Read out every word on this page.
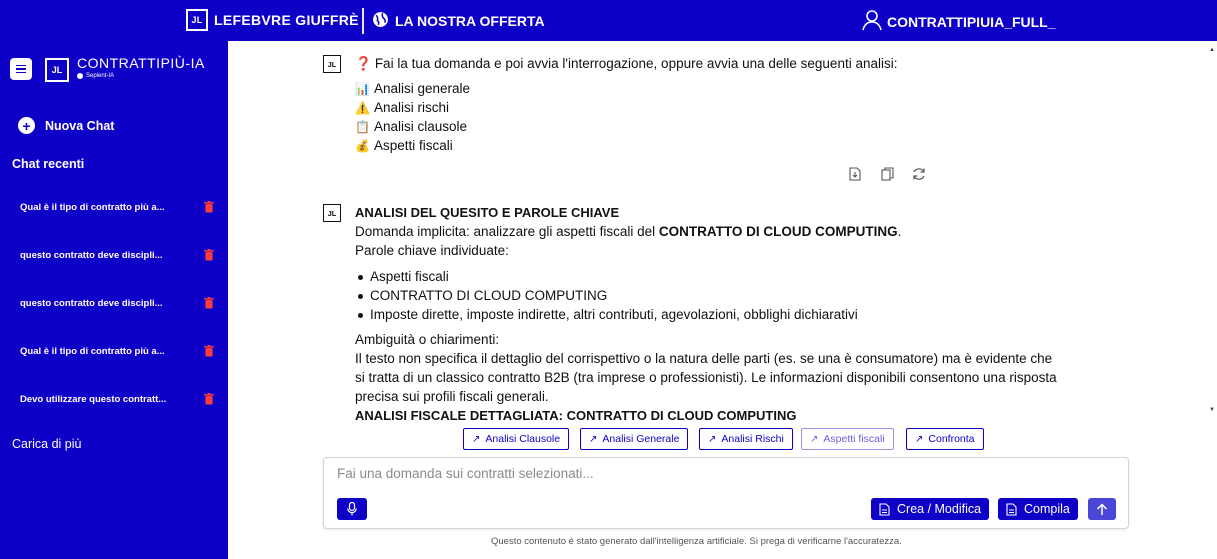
JL LEFEBVRE GIUFFRÈ	LA NOSTRA OFFERTA	CONTRATTIPIUIA_FULL_
JL	CONTRATTIPIÙ-IA
Sepient-IA
+	Nuova Chat
Chat recenti
Qual è il tipo di contratto più a...
questo contratto deve discipli...
questo contratto deve discipli...
Qual è il tipo di contratto più a...
Devo utilizzare questo contratt...
Carica di più
JL	❓ Fai la tua domanda e poi avvia l'interrogazione, oppure avvia una delle seguenti analisi:
📊 Analisi generale
⚠️ Analisi rischi
📋 Analisi clausole
💰 Aspetti fiscali
JL	ANALISI DEL QUESITO E PAROLE CHIAVE
Domanda implicita: analizzare gli aspetti fiscali del CONTRATTO DI CLOUD COMPUTING.
Parole chiave individuate:
Aspetti fiscali
CONTRATTO DI CLOUD COMPUTING
Imposte dirette, imposte indirette, altri contributi, agevolazioni, obblighi dichiarativi
Ambiguità o chiarimenti:
Il testo non specifica il dettaglio del corrispettivo o la natura delle parti (es. se una è consumatore) ma è evidente che
si tratta di un classico contratto B2B (tra imprese o professionisti). Le informazioni disponibili consentono una risposta
precisa sui profili fiscali generali.
ANALISI FISCALE DETTAGLIATA: CONTRATTO DI CLOUD COMPUTING
▲
▼
↗ Analisi Clausole	↗ Analisi Generale	↗ Analisi Rischi	↗ Aspetti fiscali	↗ Confronta
Fai una domanda sui contratti selezionati...
Crea / Modifica	Compila
Questo contenuto è stato generato dall'intelligenza artificiale. Si prega di verificarne l'accuratezza.
